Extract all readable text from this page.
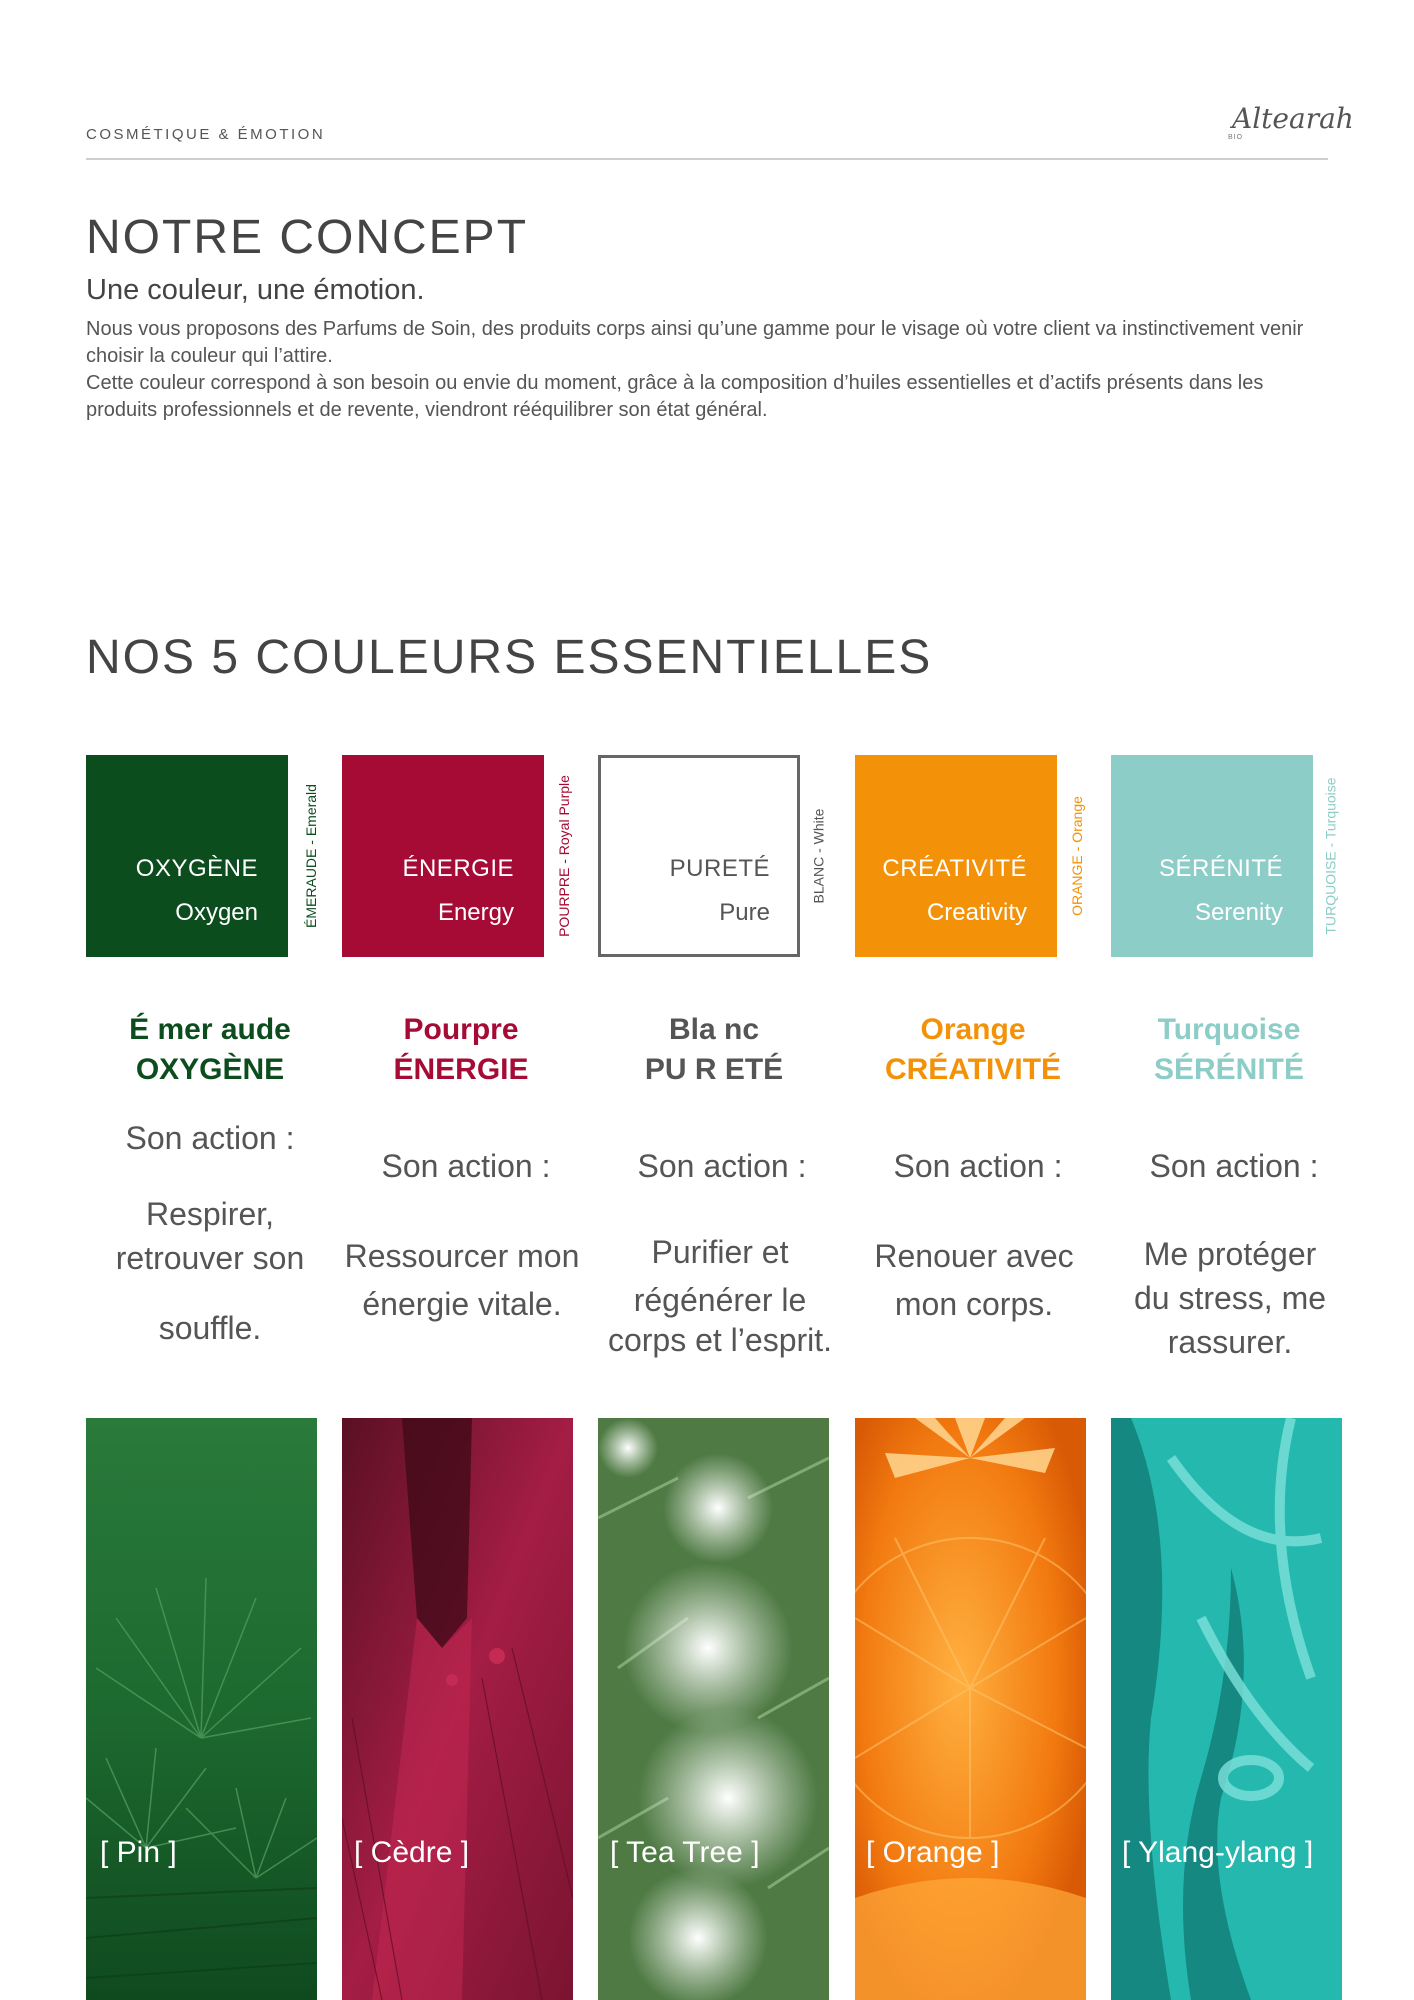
COSMÉTIQUE & ÉMOTION	Altearah
BIO
NOTRE CONCEPT
Une couleur, une émotion.

Nous vous proposons des Parfums de Soin, des produits corps ainsi qu’une gamme pour le visage où votre client va instinctivement venir choisir la couleur qui l’attire.

Cette couleur correspond à son besoin ou envie du moment, grâce à la composition d’huiles essentielles et d’actifs présents dans les produits professionnels et de revente, viendront rééquilibrer son état général.

NOS 5 COULEURS ESSENTIELLES
OXYGÈNE
Oxygen	ÉMERAUDE - Emerald
É mer aude
OXYGÈNE
Son action :
Respirer,
retrouver son
souffle.
ÉNERGIE
Energy	POURPRE - Royal Purple
Pourpre
ÉNERGIE
Son action :
Ressourcer mon
énergie vitale.
PURETÉ
Pure
BLANC - White
Bla nc
PU R ETÉ
Son action :
Purifier et
régénérer le
corps et l’esprit.
CRÉATIVITÉ
Creativity	ORANGE - Orange
Orange
CRÉATIVITÉ
Son action :
Renouer avec
mon corps.
SÉRÉNITÉ
Serenity	TURQUOISE - Turquoise
Turquoise
SÉRÉNITÉ
Son action :
Me protéger
du stress, me
rassurer.
[ Pin ]	[ Cèdre ]	[ Tea Tree ]	[ Orange ]	[ Ylang-ylang ]
